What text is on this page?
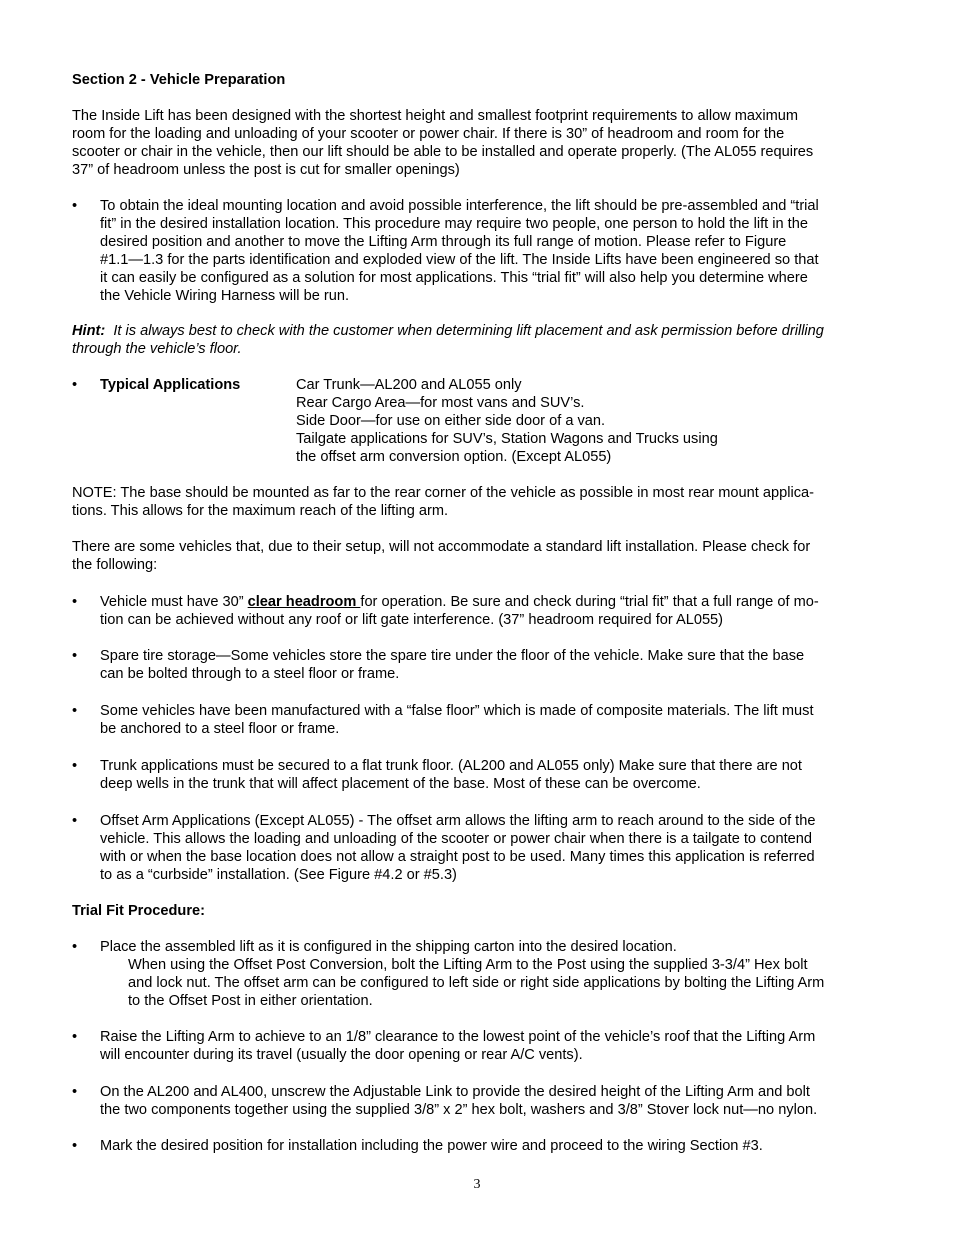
Section 2 - Vehicle Preparation
The Inside Lift has been designed with the shortest height and smallest footprint requirements to allow maximum
room for the loading and unloading of your scooter or power chair. If there is 30” of headroom and room for the
scooter or chair in the vehicle, then our lift should be able to be installed and operate properly. (The AL055 requires
37” of headroom unless the post is cut for smaller openings)
• To obtain the ideal mounting location and avoid possible interference, the lift should be pre-assembled and “trial
fit” in the desired installation location. This procedure may require two people, one person to hold the lift in the
desired position and another to move the Lifting Arm through its full range of motion. Please refer to Figure
#1.1—1.3 for the parts identification and exploded view of the lift. The Inside Lifts have been engineered so that
it can easily be configured as a solution for most applications. This “trial fit” will also help you determine where
the Vehicle Wiring Harness will be run.
Hint:  It is always best to check with the customer when determining lift placement and ask permission before drilling
through the vehicle’s floor.
• Typical Applications	Car Trunk—AL200 and AL055 only
Rear Cargo Area—for most vans and SUV’s.
Side Door—for use on either side door of a van.
Tailgate applications for SUV’s, Station Wagons and Trucks using
the offset arm conversion option. (Except AL055)
NOTE: The base should be mounted as far to the rear corner of the vehicle as possible in most rear mount applica-
tions. This allows for the maximum reach of the lifting arm.
There are some vehicles that, due to their setup, will not accommodate a standard lift installation. Please check for
the following:
• Vehicle must have 30” clear headroom for operation. Be sure and check during “trial fit” that a full range of mo-
tion can be achieved without any roof or lift gate interference. (37” headroom required for AL055)
• Spare tire storage—Some vehicles store the spare tire under the floor of the vehicle. Make sure that the base
can be bolted through to a steel floor or frame.
• Some vehicles have been manufactured with a “false floor” which is made of composite materials. The lift must
be anchored to a steel floor or frame.
• Trunk applications must be secured to a flat trunk floor. (AL200 and AL055 only) Make sure that there are not
deep wells in the trunk that will affect placement of the base. Most of these can be overcome.
• Offset Arm Applications (Except AL055) - The offset arm allows the lifting arm to reach around to the side of the
vehicle. This allows the loading and unloading of the scooter or power chair when there is a tailgate to contend
with or when the base location does not allow a straight post to be used. Many times this application is referred
to as a “curbside” installation. (See Figure #4.2 or #5.3)
Trial Fit Procedure:
• Place the assembled lift as it is configured in the shipping carton into the desired location.
When using the Offset Post Conversion, bolt the Lifting Arm to the Post using the supplied 3-3/4” Hex bolt
and lock nut. The offset arm can be configured to left side or right side applications by bolting the Lifting Arm
to the Offset Post in either orientation.
• Raise the Lifting Arm to achieve to an 1/8” clearance to the lowest point of the vehicle’s roof that the Lifting Arm
will encounter during its travel (usually the door opening or rear A/C vents).
• On the AL200 and AL400, unscrew the Adjustable Link to provide the desired height of the Lifting Arm and bolt
the two components together using the supplied 3/8” x 2” hex bolt, washers and 3/8” Stover lock nut—no nylon.
• Mark the desired position for installation including the power wire and proceed to the wiring Section #3.
3
